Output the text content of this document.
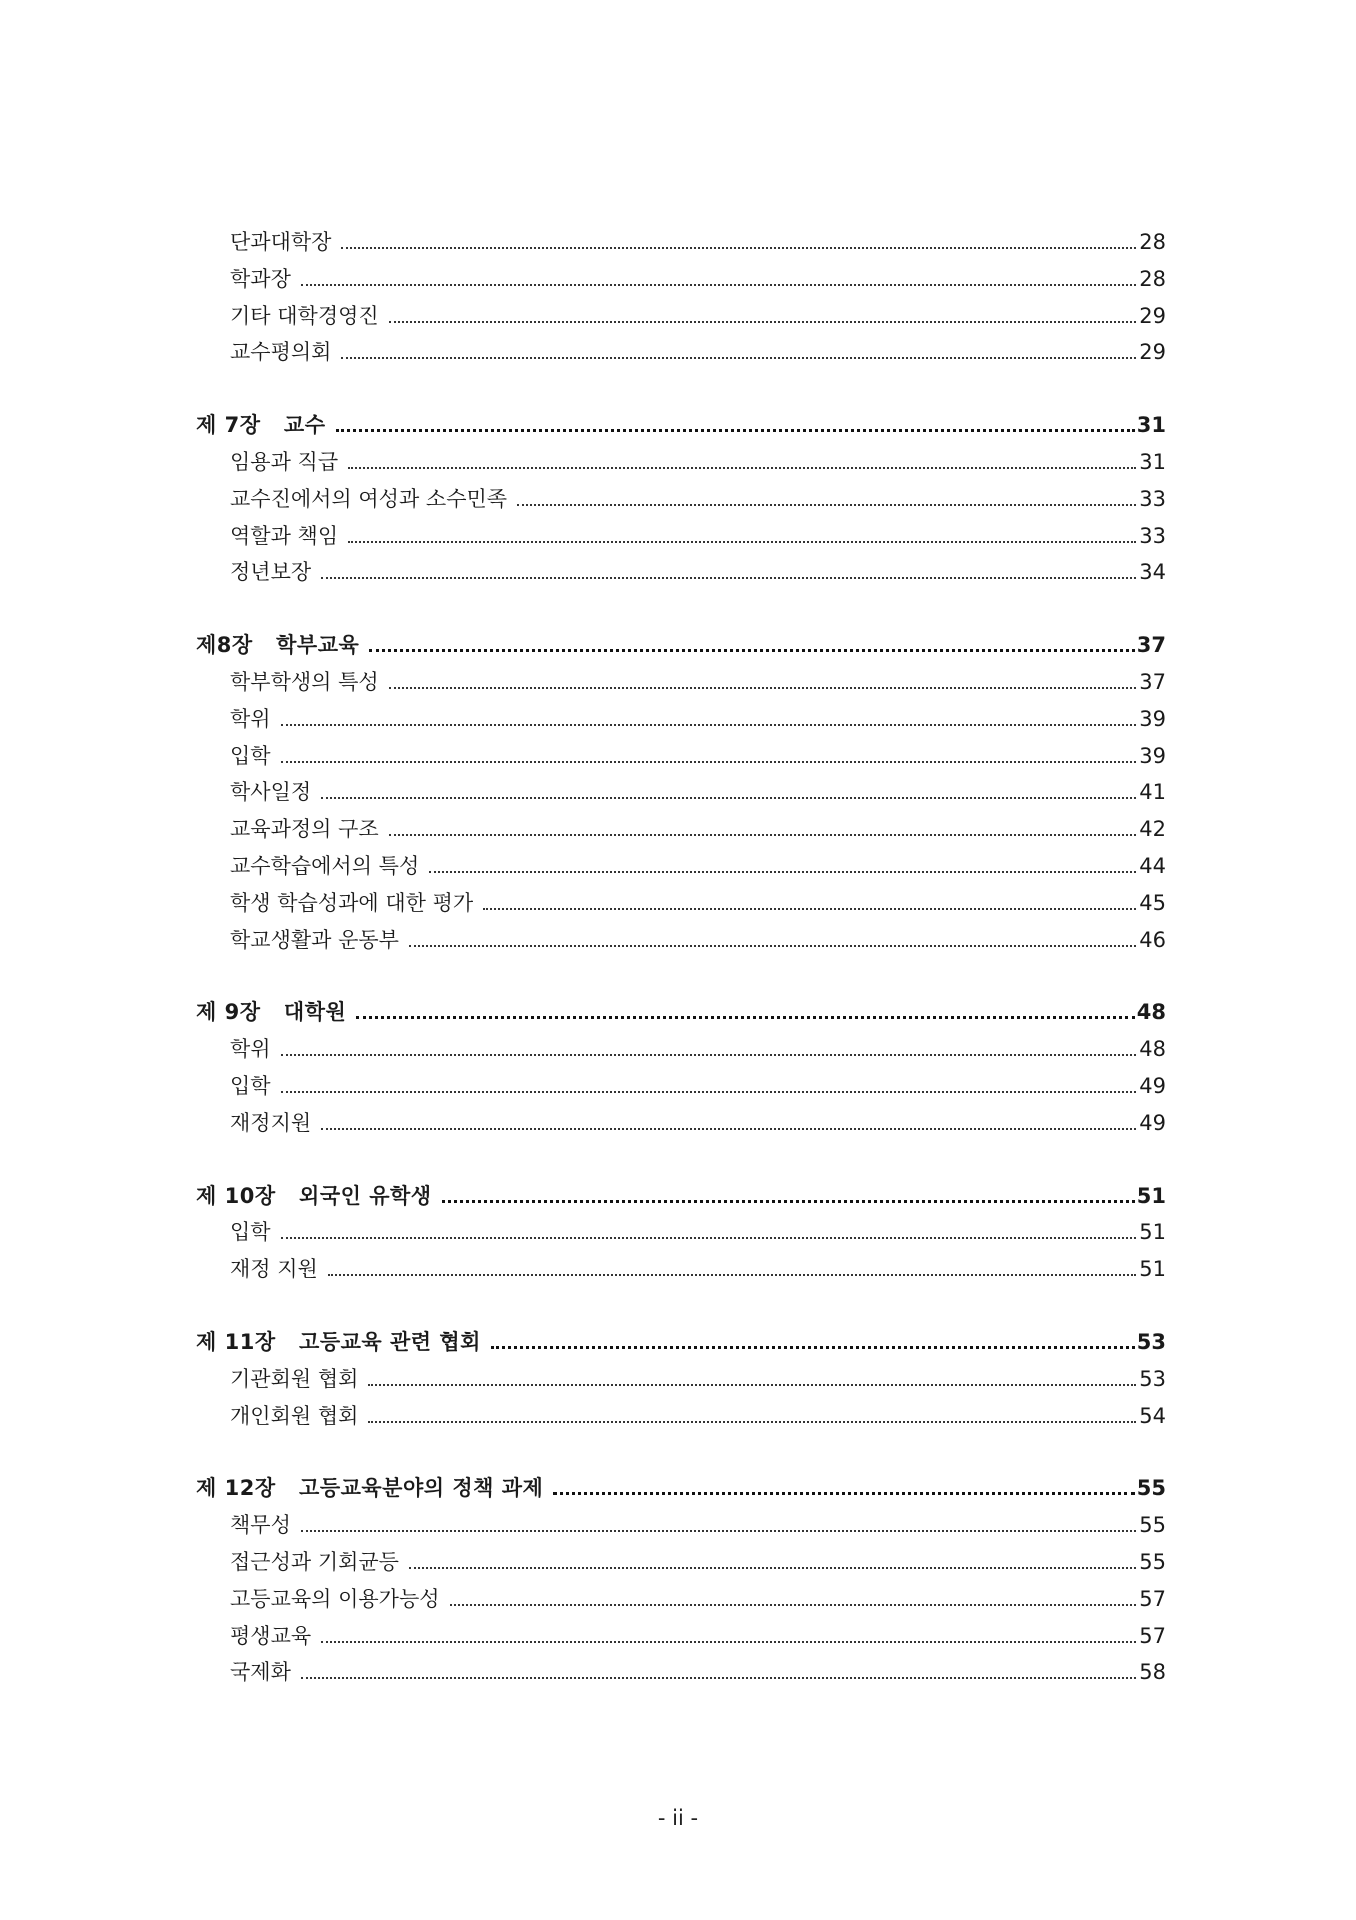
단과대학장	28
학과장	28
기타 대학경영진	29
교수평의회	29
제 7장   교수	31
임용과 직급	31
교수진에서의 여성과 소수민족	33
역할과 책임	33
정년보장	34
제8장   학부교육	37
학부학생의 특성	37
학위	39
입학	39
학사일정	41
교육과정의 구조	42
교수학습에서의 특성	44
학생 학습성과에 대한 평가	45
학교생활과 운동부	46
제 9장   대학원	48
학위	48
입학	49
재정지원	49
제 10장   외국인 유학생	51
입학	51
재정 지원	51
제 11장   고등교육 관련 협회	53
기관회원 협회	53
개인회원 협회	54
제 12장   고등교육분야의 정책 과제	55
책무성	55
접근성과 기회균등	55
고등교육의 이용가능성	57
평생교육	57
국제화	58
- ii -
